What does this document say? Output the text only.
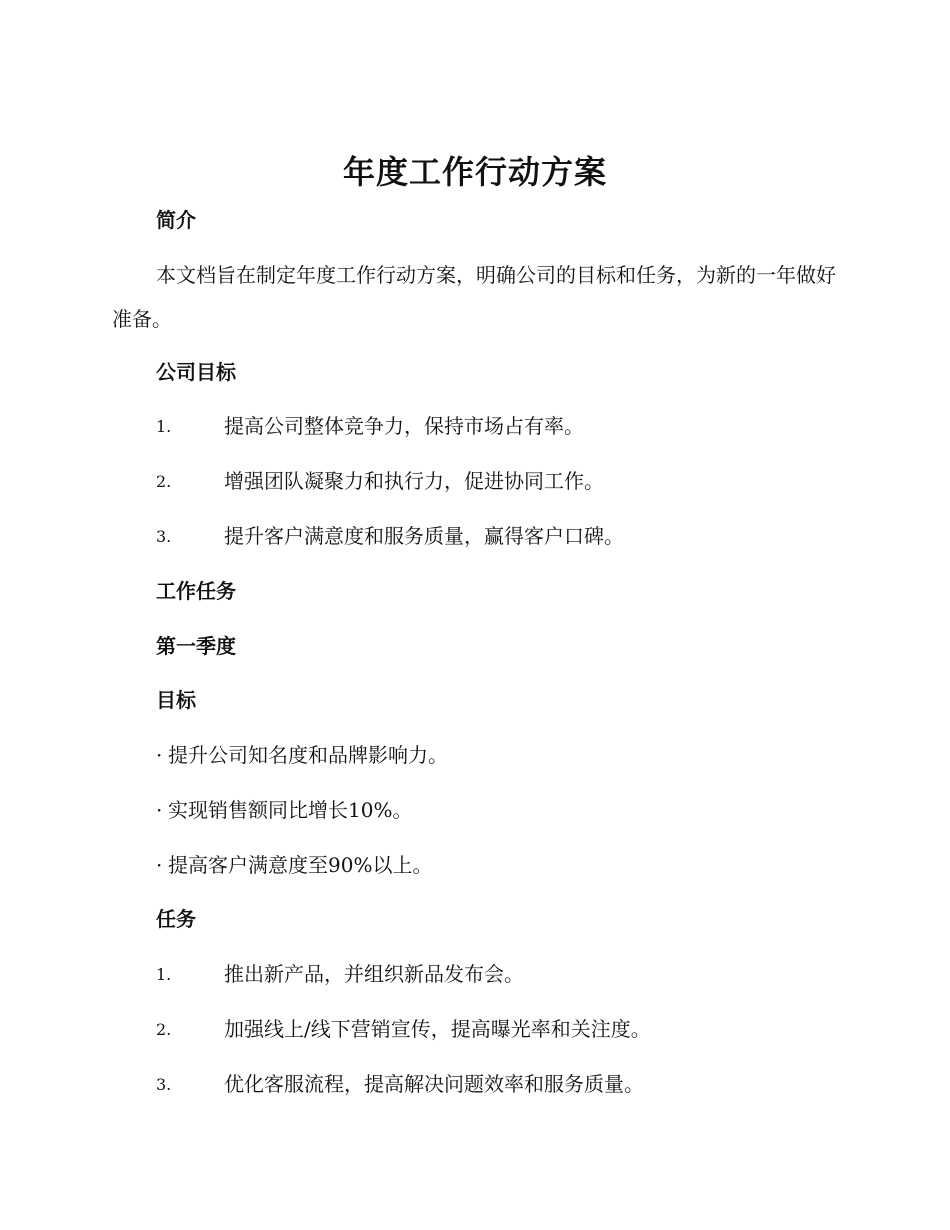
年度工作行动方案
简介
本文档旨在制定年度工作行动方案，明确公司的目标和任务，为新的一年做好准备。
公司目标
1.	提高公司整体竞争力，保持市场占有率。
2.	增强团队凝聚力和执行力，促进协同工作。
3.	提升客户满意度和服务质量，赢得客户口碑。
工作任务
第一季度
目标
· 提升公司知名度和品牌影响力。
· 实现销售额同比增长10%。
· 提高客户满意度至90%以上。
任务
1.	推出新产品，并组织新品发布会。
2.	加强线上/线下营销宣传，提高曝光率和关注度。
3.	优化客服流程，提高解决问题效率和服务质量。
